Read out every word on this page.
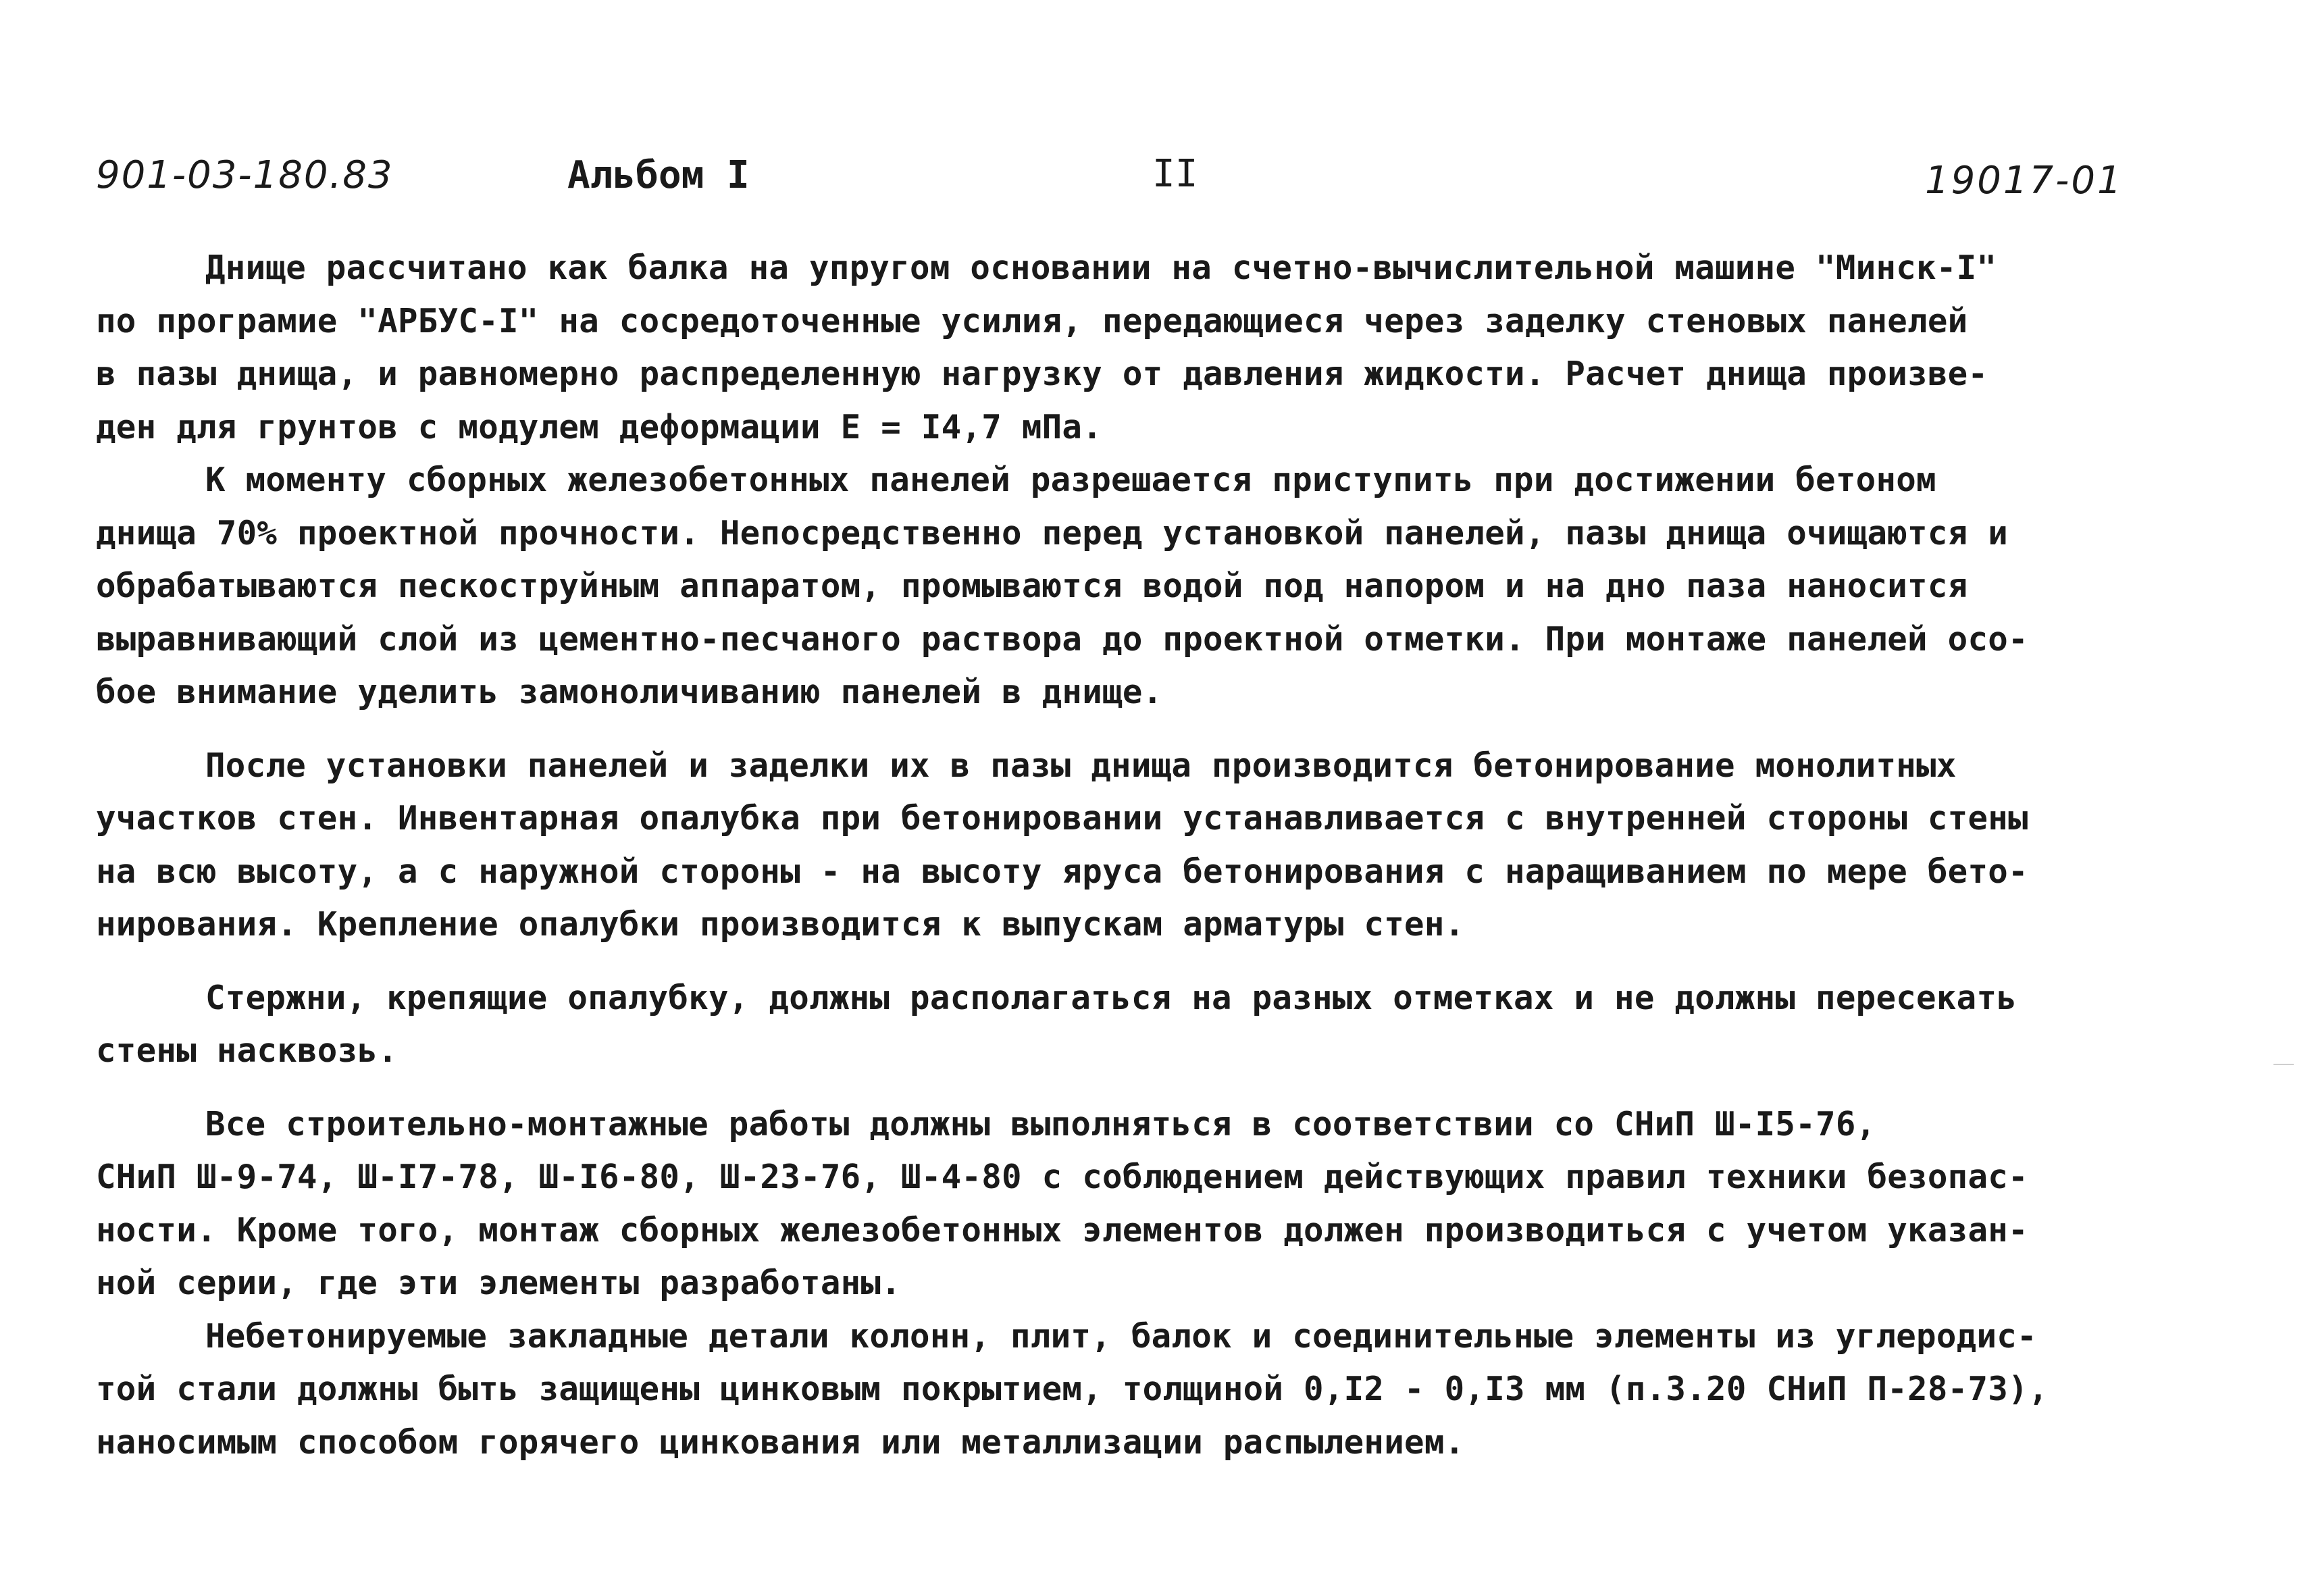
901-03-180.83	Альбом I	II	19017-01

Днище рассчитано как балка на упругом основании на счетно-вычислительной машине "Минск-I"

по програмие "АРБУС-I" на сосредоточенные усилия, передающиеся через заделку стеновых панелей

в пазы днища, и равномерно распределенную нагрузку от давления жидкости. Расчет днища произве-

ден для грунтов с модулем деформации Е = I4,7 мПа.

К моменту сборных железобетонных панелей разрешается приступить при достижении бетоном

днища 70% проектной прочности. Непосредственно перед установкой панелей, пазы днища очищаются и

обрабатываются пескоструйным аппаратом, промываются водой под напором и на дно паза наносится

выравнивающий слой из цементно-песчаного раствора до проектной отметки. При монтаже панелей осо-

бое внимание уделить замоноличиванию панелей в днище.

После установки панелей и заделки их в пазы днища производится бетонирование монолитных

участков стен. Инвентарная опалубка при бетонировании устанавливается с внутренней стороны стены

на всю высоту, а с наружной стороны - на высоту яруса бетонирования с наращиванием по мере бето-

нирования. Крепление опалубки производится к выпускам арматуры стен.

Стержни, крепящие опалубку, должны располагаться на разных отметках и не должны пересекать

стены насквозь.

Все строительно-монтажные работы должны выполняться в соответствии со СНиП Ш-I5-76,

СНиП Ш-9-74, Ш-I7-78, Ш-I6-80, Ш-23-76, Ш-4-80 с соблюдением действующих правил техники безопас-

ности. Кроме того, монтаж сборных железобетонных элементов должен производиться с учетом указан-

ной серии, где эти элементы разработаны.

Небетонируемые закладные детали колонн, плит, балок и соединительные элементы из углеродис-

той стали должны быть защищены цинковым покрытием, толщиной 0,I2 - 0,I3 мм (п.3.20 СНиП П-28-73),

наносимым способом горячего цинкования или металлизации распылением.
